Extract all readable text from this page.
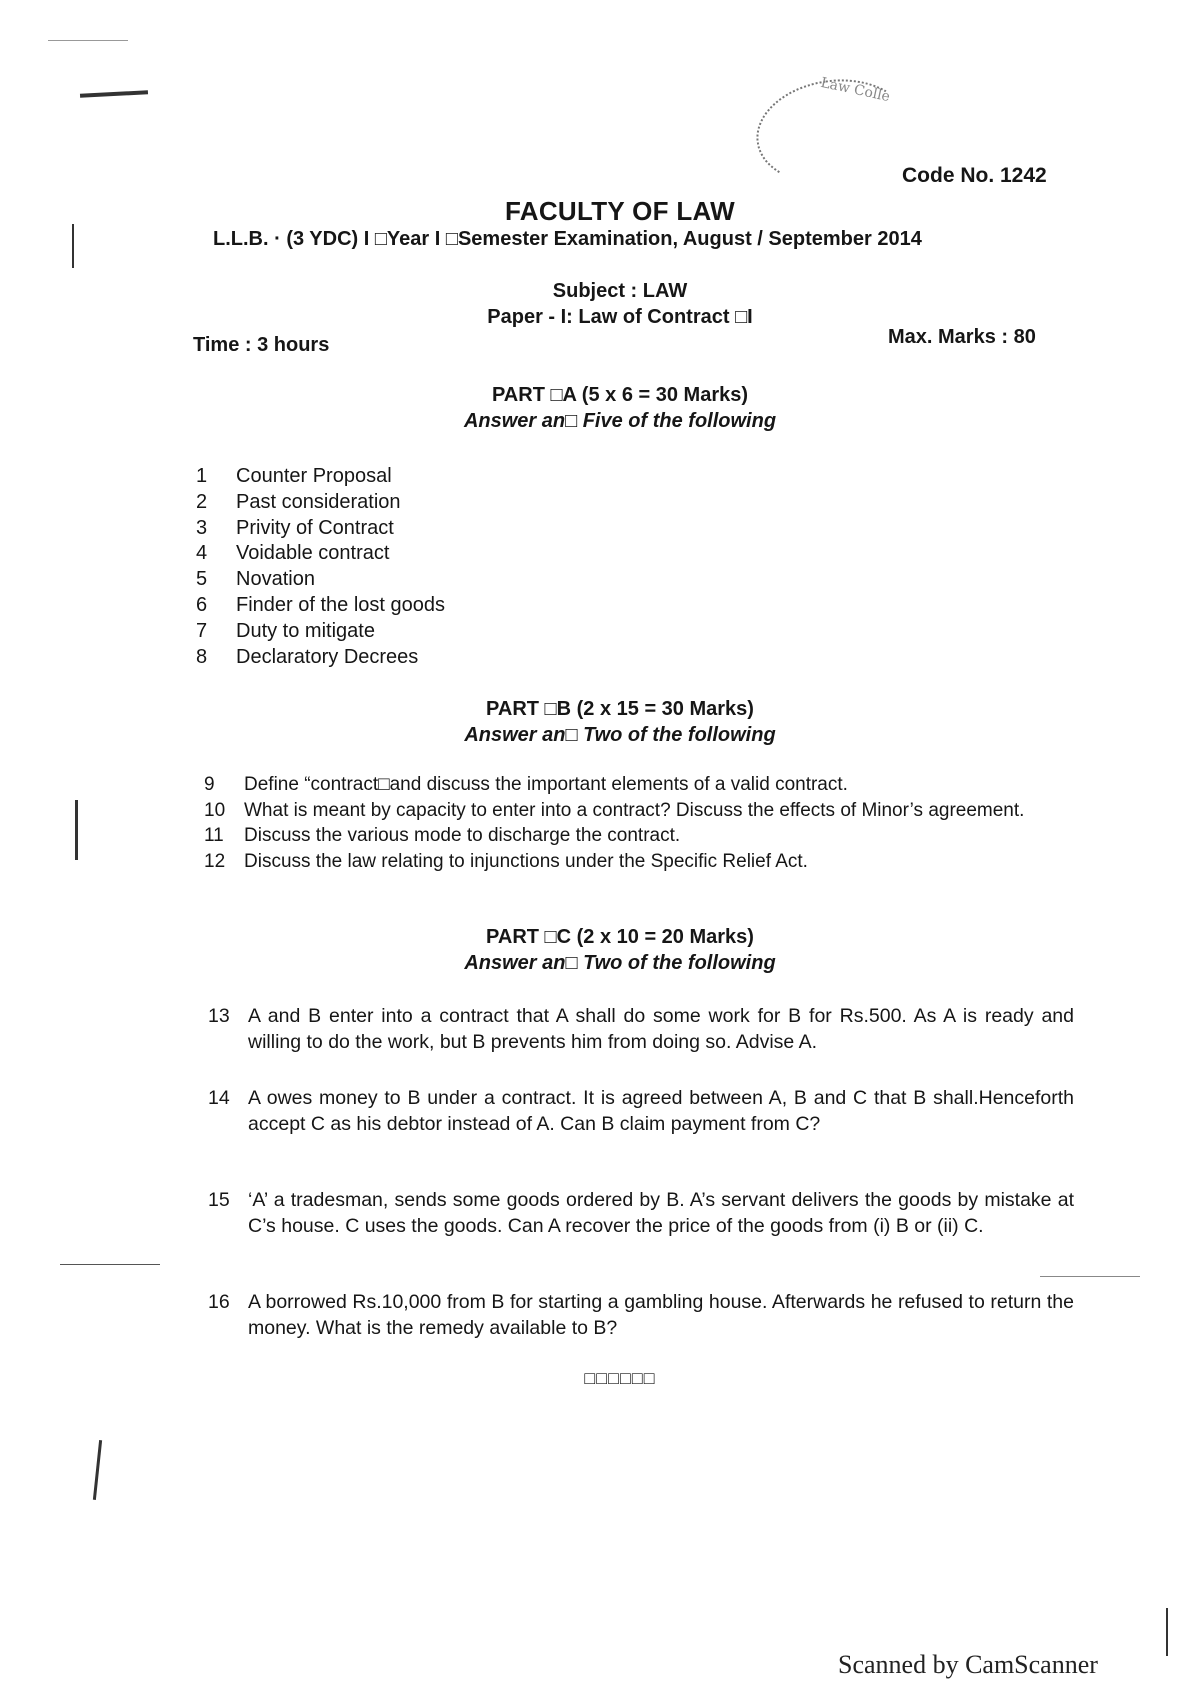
Law Colle
Code No. 1242
FACULTY OF LAW
L.L.B. · (3 YDC) I □Year I □Semester Examination, August / September 2014
Subject : LAW
Paper - I: Law of Contract □I
Time : 3 hours	Max. Marks : 80
PART □A (5 x 6 = 30 Marks)
Answer an□ Five of the following
1 Counter Proposal
2 Past consideration
3 Privity of Contract
4 Voidable contract
5 Novation
6 Finder of the lost goods
7 Duty to mitigate
8 Declaratory Decrees
PART □B (2 x 15 = 30 Marks)
Answer an□ Two of the following
9	Define “contract□and discuss the important elements of a valid contract.
10 What is meant by capacity to enter into a contract? Discuss the effects of Minor’s agreement.
11	Discuss the various mode to discharge the contract.
12 Discuss the law relating to injunctions under the Specific Relief Act.
PART □C (2 x 10 = 20 Marks)
Answer an□ Two of the following
13 A and B enter into a contract that A shall do some work for B for Rs.500. As A is ready and willing to do the work, but B prevents him from doing so. Advise A.
14 A owes money to B under a contract. It is agreed between A, B and C that B shall.Henceforth accept C as his debtor instead of A. Can B claim payment from C?
15 ‘A’ a tradesman, sends some goods ordered by B. A’s servant delivers the goods by mistake at C’s house. C uses the goods. Can A recover the price of the goods from (i) B or (ii) C.
16 A borrowed Rs.10,000 from B for starting a gambling house. Afterwards he refused to return the money. What is the remedy available to B?
□□□□□□
Scanned by CamScanner
